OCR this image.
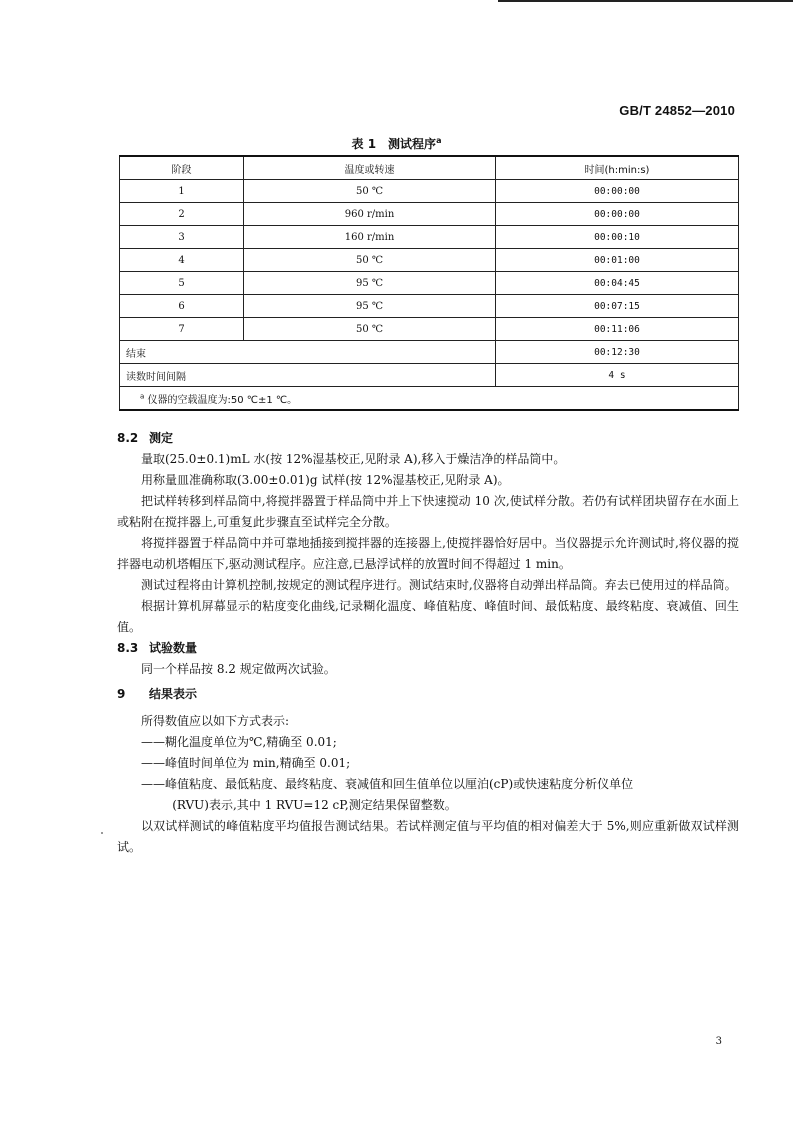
GB/T 24852—2010
表 1　测试程序$^a$
阶段	温度或转速	时间(h:min:s)
1	50 ℃	00:00:00
2	960 r/min	00:00:00
3	160 r/min	00:00:10
4	50 ℃	00:01:00
5	95 ℃	00:04:45
6	95 ℃	00:07:15
7	50 ℃	00:11:06
结束		00:12:30
读数时间间隔		4 s
$^a$ 仪器的空载温度为:50 ℃±1 ℃。		
8.2 测定

量取(25.0±0.1)mL 水(按 12%湿基校正,见附录 A),移入于燥洁净的样品筒中。

用称量皿准确称取(3.00±0.01)g 试样(按 12%湿基校正,见附录 A)。

把试样转移到样品筒中,将搅拌器置于样品筒中并上下快速搅动 10 次,使试样分散。若仍有试样团块留存在水面上或粘附在搅拌器上,可重复此步骤直至试样完全分散。

将搅拌器置于样品筒中并可靠地插接到搅拌器的连接器上,使搅拌器恰好居中。当仪器提示允许测试时,将仪器的搅拌器电动机塔帽压下,驱动测试程序。应注意,已悬浮试样的放置时间不得超过 1 min。

测试过程将由计算机控制,按规定的测试程序进行。测试结束时,仪器将自动弹出样品筒。弃去已使用过的样品筒。

根据计算机屏幕显示的粘度变化曲线,记录糊化温度、峰值粘度、峰值时间、最低粘度、最终粘度、衰减值、回生值。

8.3 试验数量

同一个样品按 8.2 规定做两次试验。

9 结果表示

所得数值应以如下方式表示:

——糊化温度单位为℃,精确至 0.01;

——峰值时间单位为 min,精确至 0.01;

——峰值粘度、最低粘度、最终粘度、衰减值和回生值单位以厘泊(cP)或快速粘度分析仪单位

(RVU)表示,其中 1 RVU=12 cP,测定结果保留整数。

以双试样测试的峰值粘度平均值报告测试结果。若试样测定值与平均值的相对偏差大于 5%,则应重新做双试样测试。

3
